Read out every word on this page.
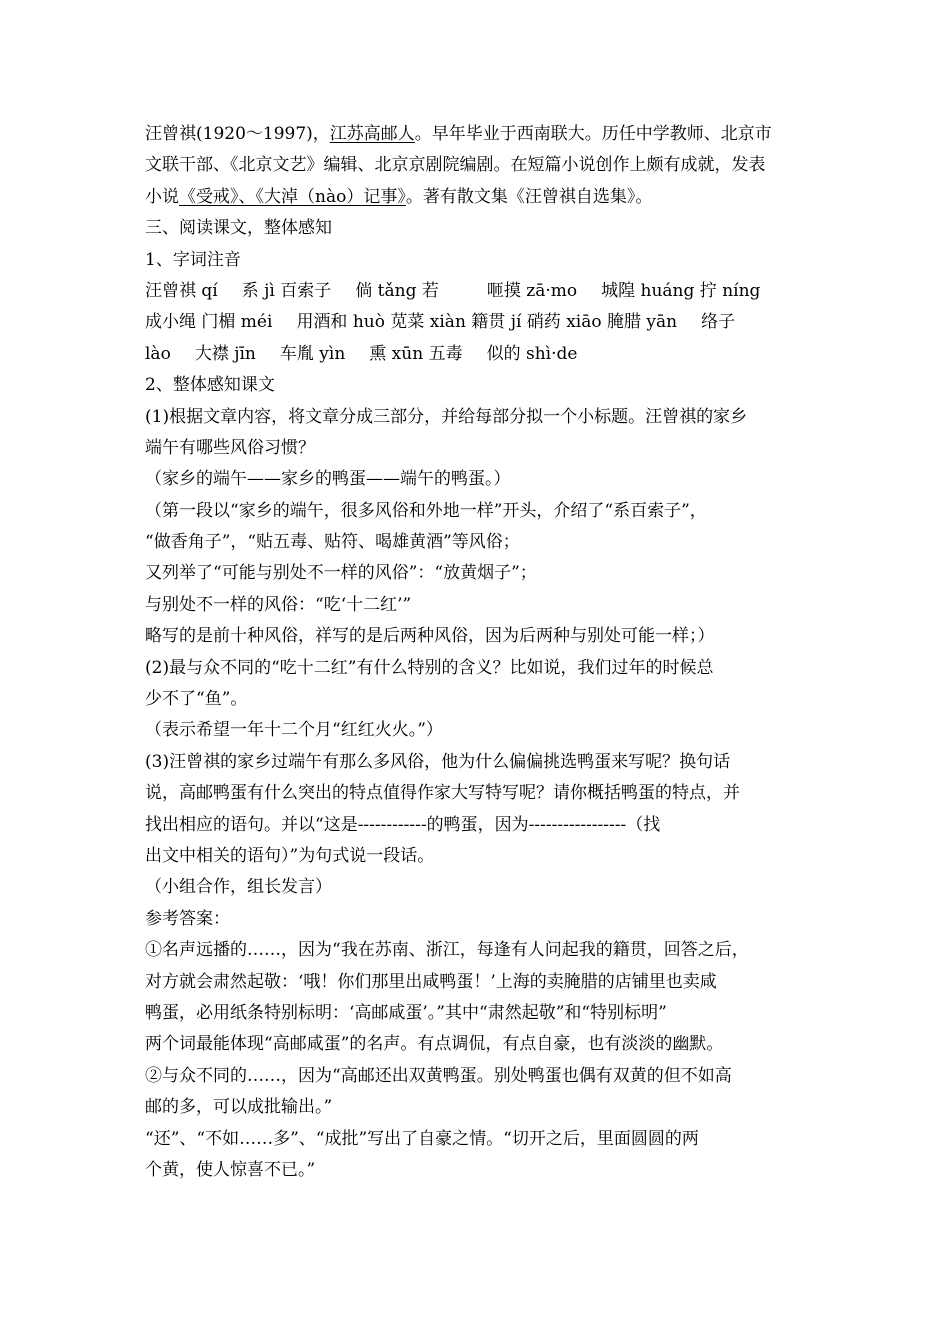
汪曾祺(1920～1997)，江苏高邮人。早年毕业于西南联大。历任中学教师、北京市
文联干部、《北京文艺》编辑、北京京剧院编剧。在短篇小说创作上颇有成就，发表
小说《受戒》、《大淖（nào）记事》。著有散文集《汪曾祺自选集》。
三、阅读课文，整体感知
1、字词注音
汪曾祺 qí 系 jì 百索子 倘 tǎng 若	咂摸 zā·mo 城隍 huáng 拧 níng
成小绳 门楣 méi 用酒和 huò 苋菜 xiàn 籍贯 jí 硝药 xiāo 腌腊 yān 络子
lào 大襟 jīn 车胤 yìn 熏 xūn 五毒 似的 shì·de
2、整体感知课文
(1)根据文章内容，将文章分成三部分，并给每部分拟一个小标题。汪曾祺的家乡
端午有哪些风俗习惯？
（家乡的端午——家乡的鸭蛋——端午的鸭蛋。）
（第一段以“家乡的端午，很多风俗和外地一样”开头，介绍了“系百索子”，
“做香角子”，“贴五毒、贴符、喝雄黄酒”等风俗；
又列举了“可能与别处不一样的风俗”：“放黄烟子”；
与别处不一样的风俗：“吃‘十二红’”
略写的是前十种风俗，祥写的是后两种风俗，因为后两种与别处可能一样；）
(2)最与众不同的“吃十二红”有什么特别的含义？比如说，我们过年的时候总
少不了“鱼”。
（表示希望一年十二个月“红红火火。”）
(3)汪曾祺的家乡过端午有那么多风俗，他为什么偏偏挑选鸭蛋来写呢？换句话
说，高邮鸭蛋有什么突出的特点值得作家大写特写呢？请你概括鸭蛋的特点，并
找出相应的语句。并以“这是------------的鸭蛋，因为-----------------（找
出文中相关的语句）”为句式说一段话。
（小组合作，组长发言）
参考答案：
①名声远播的……，因为“我在苏南、浙江，每逢有人问起我的籍贯，回答之后，
对方就会肃然起敬：‘哦！你们那里出咸鸭蛋！’上海的卖腌腊的店铺里也卖咸
鸭蛋，必用纸条特别标明：‘高邮咸蛋’。”其中“肃然起敬”和“特别标明”
两个词最能体现“高邮咸蛋”的名声。有点调侃，有点自豪，也有淡淡的幽默。
②与众不同的……，因为“高邮还出双黄鸭蛋。别处鸭蛋也偶有双黄的但不如高
邮的多，可以成批输出。”
“还”、“不如……多”、“成批”写出了自豪之情。“切开之后，里面圆圆的两
个黄，使人惊喜不已。”
